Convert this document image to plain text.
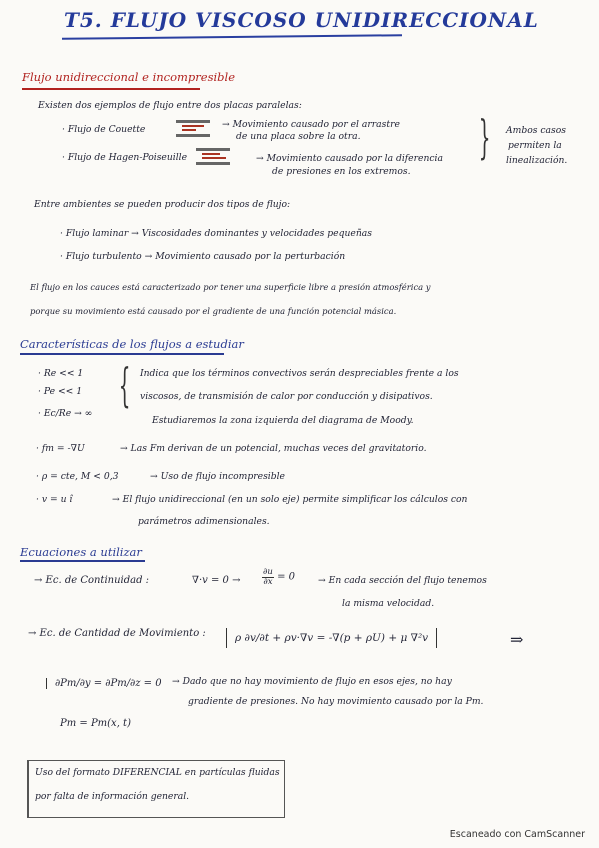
T5. FLUJO VISCOSO UNIDIRECCIONAL
Flujo unidireccional e incompresible
Existen dos ejemplos de flujo entre dos placas paralelas:
· Flujo de Couette	→ Movimiento causado por el arrastre
de una placa sobre la otra.
· Flujo de Hagen-Poiseuille	→ Movimiento causado por la diferencia
de presiones en los extremos.
} Ambos casos
permiten la
linealización.
Entre ambientes se pueden producir dos tipos de flujo:
· Flujo laminar → Viscosidades dominantes y velocidades pequeñas
· Flujo turbulento → Movimiento causado por la perturbación
El flujo en los cauces está caracterizado por tener una superficie libre a presión atmosférica y
porque su movimiento está causado por el gradiente de una función potencial másica.
Características de los flujos a estudiar
· Re << 1
· Pe << 1
· Ec/Re → ∞
{ Indica que los términos convectivos serán despreciables frente a los
viscosos, de transmisión de calor por conducción y disipativos.
Estudiaremos la zona izquierda del diagrama de Moody.
· fm = -∇U	→ Las Fm derivan de un potencial, muchas veces del gravitatorio.
· ρ = cte, M < 0,3	→ Uso de flujo incompresible
· v = u î	→ El flujo unidireccional (en un solo eje) permite simplificar los cálculos con
parámetros adimensionales.
Ecuaciones a utilizar
→ Ec. de Continuidad :	∇·v = 0 →	$\frac{\partial u}{\partial x} = 0$	→ En cada sección del flujo tenemos
la misma velocidad.
→ Ec. de Cantidad de Movimiento :	ρ ∂v/∂t + ρv·∇v = -∇(p + ρU) + μ ∇²v	⇒
∂Pm/∂y = ∂Pm/∂z = 0 → Dado que no hay movimiento de flujo en esos ejes, no hay
gradiente de presiones. No hay movimiento causado por la Pm.
Pm = Pm(x, t)
Uso del formato DIFERENCIAL en partículas fluidas
por falta de información general.
Escaneado con CamScanner
